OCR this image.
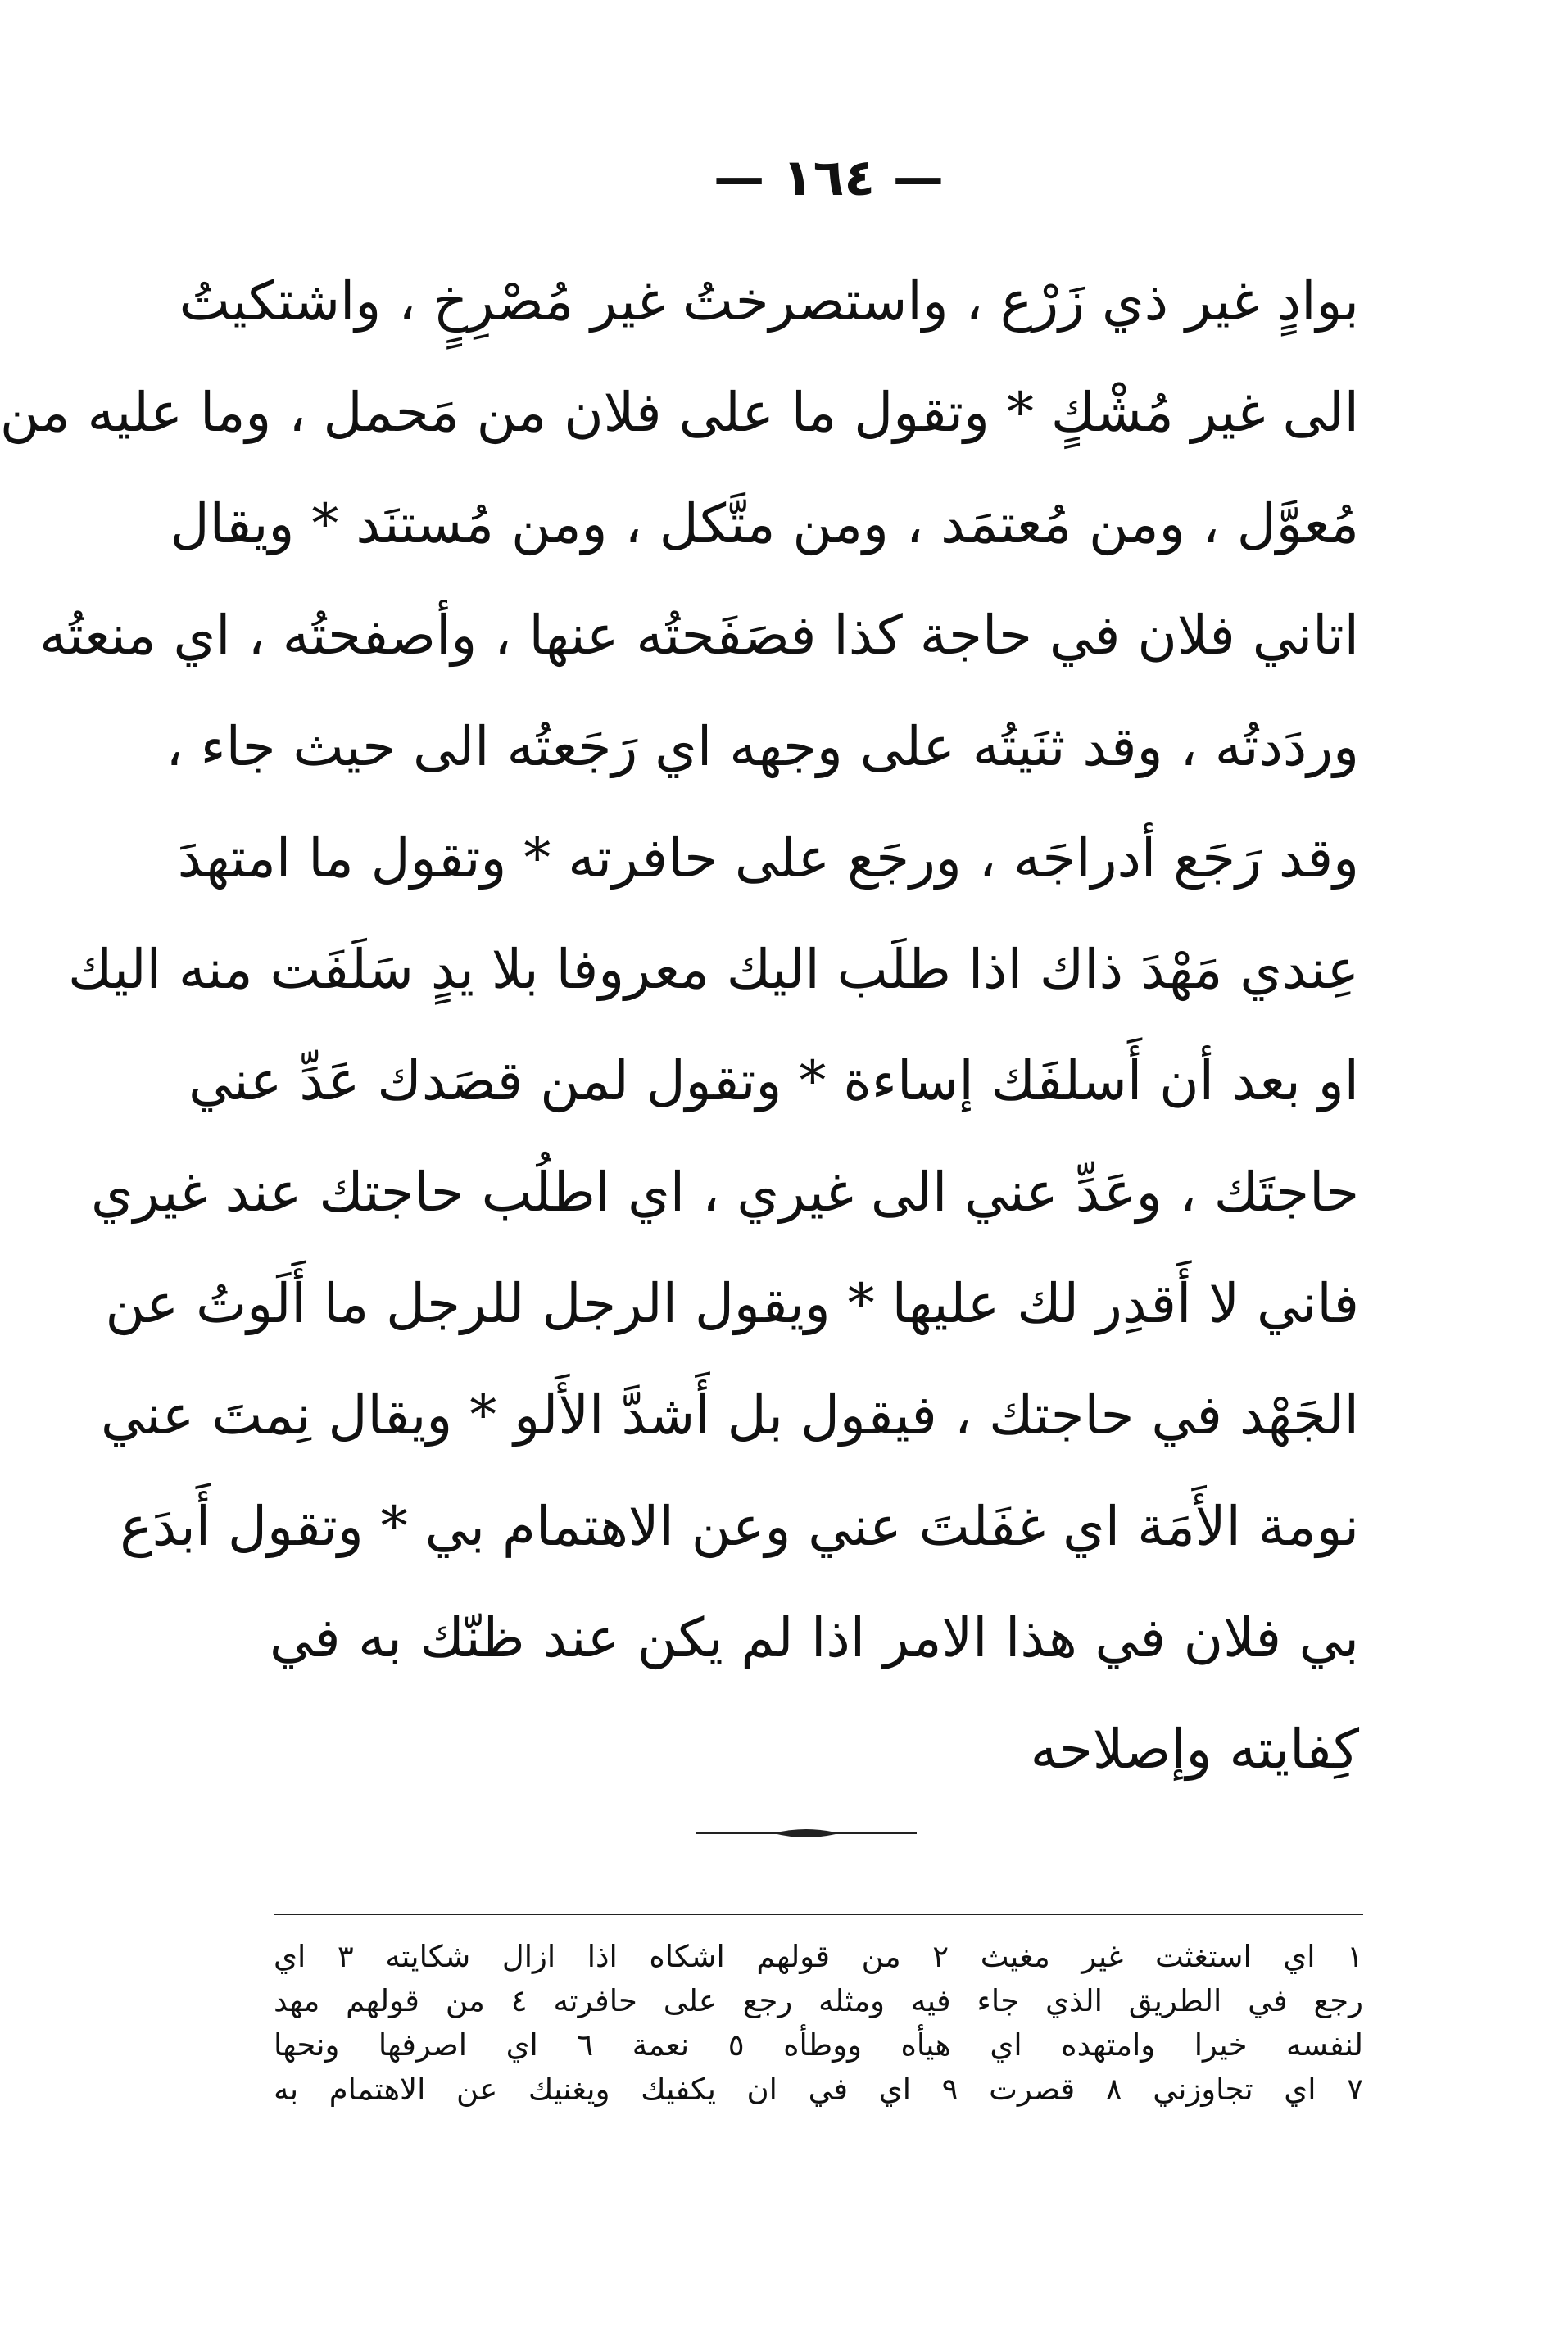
— ١٦٤ —
بوادٍ غير ذي زَرْع ، واستصرختُ غير مُصْرِخٍ ، واشتكيتُ
الى غير مُشْكٍ * وتقول ما على فلان من مَحمل ، وما عليه من
مُعوَّل ، ومن مُعتمَد ، ومن متَّكل ، ومن مُستنَد * ويقال
اتاني فلان في حاجة كذا فصَفَحتُه عنها ، وأصفحتُه ، اي منعتُه
وردَدتُه ، وقد ثنَيتُه على وجهه اي رَجَعتُه الى حيث جاء ،
وقد رَجَع أدراجَه ، ورجَع على حافرته * وتقول ما امتهدَ
عِندي مَهْدَ ذاك اذا طلَب اليك معروفا بلا يدٍ سَلَفَت منه اليك
او بعد أن أَسلفَك إساءة * وتقول لمن قصَدك عَدِّ عني
حاجتَك ، وعَدِّ عني الى غيري ، اي اطلُب حاجتك عند غيري
فاني لا أَقدِر لك عليها * ويقول الرجل للرجل ما أَلَوتُ عن
الجَهْد في حاجتك ، فيقول بل أَشدَّ الأَلو * ويقال نِمتَ عني
نومة الأَمَة اي غفَلتَ عني وعن الاهتمام بي * وتقول أَبدَع
بي فلان في هذا الامر اذا لم يكن عند ظنّك به في
كِفايته وإصلاحه
١ اي استغثت غير مغيث ٢ من قولهم اشكاه اذا ازال شكايته ٣ اي
رجع في الطريق الذي جاء فيه ومثله رجع على حافرته ٤ من قولهم مهد
لنفسه خيرا وامتهده اي هيأه ووطأه ٥ نعمة ٦ اي اصرفها ونحها
٧ اي تجاوزني ٨ قصرت ٩ اي في ان يكفيك ويغنيك عن الاهتمام به
